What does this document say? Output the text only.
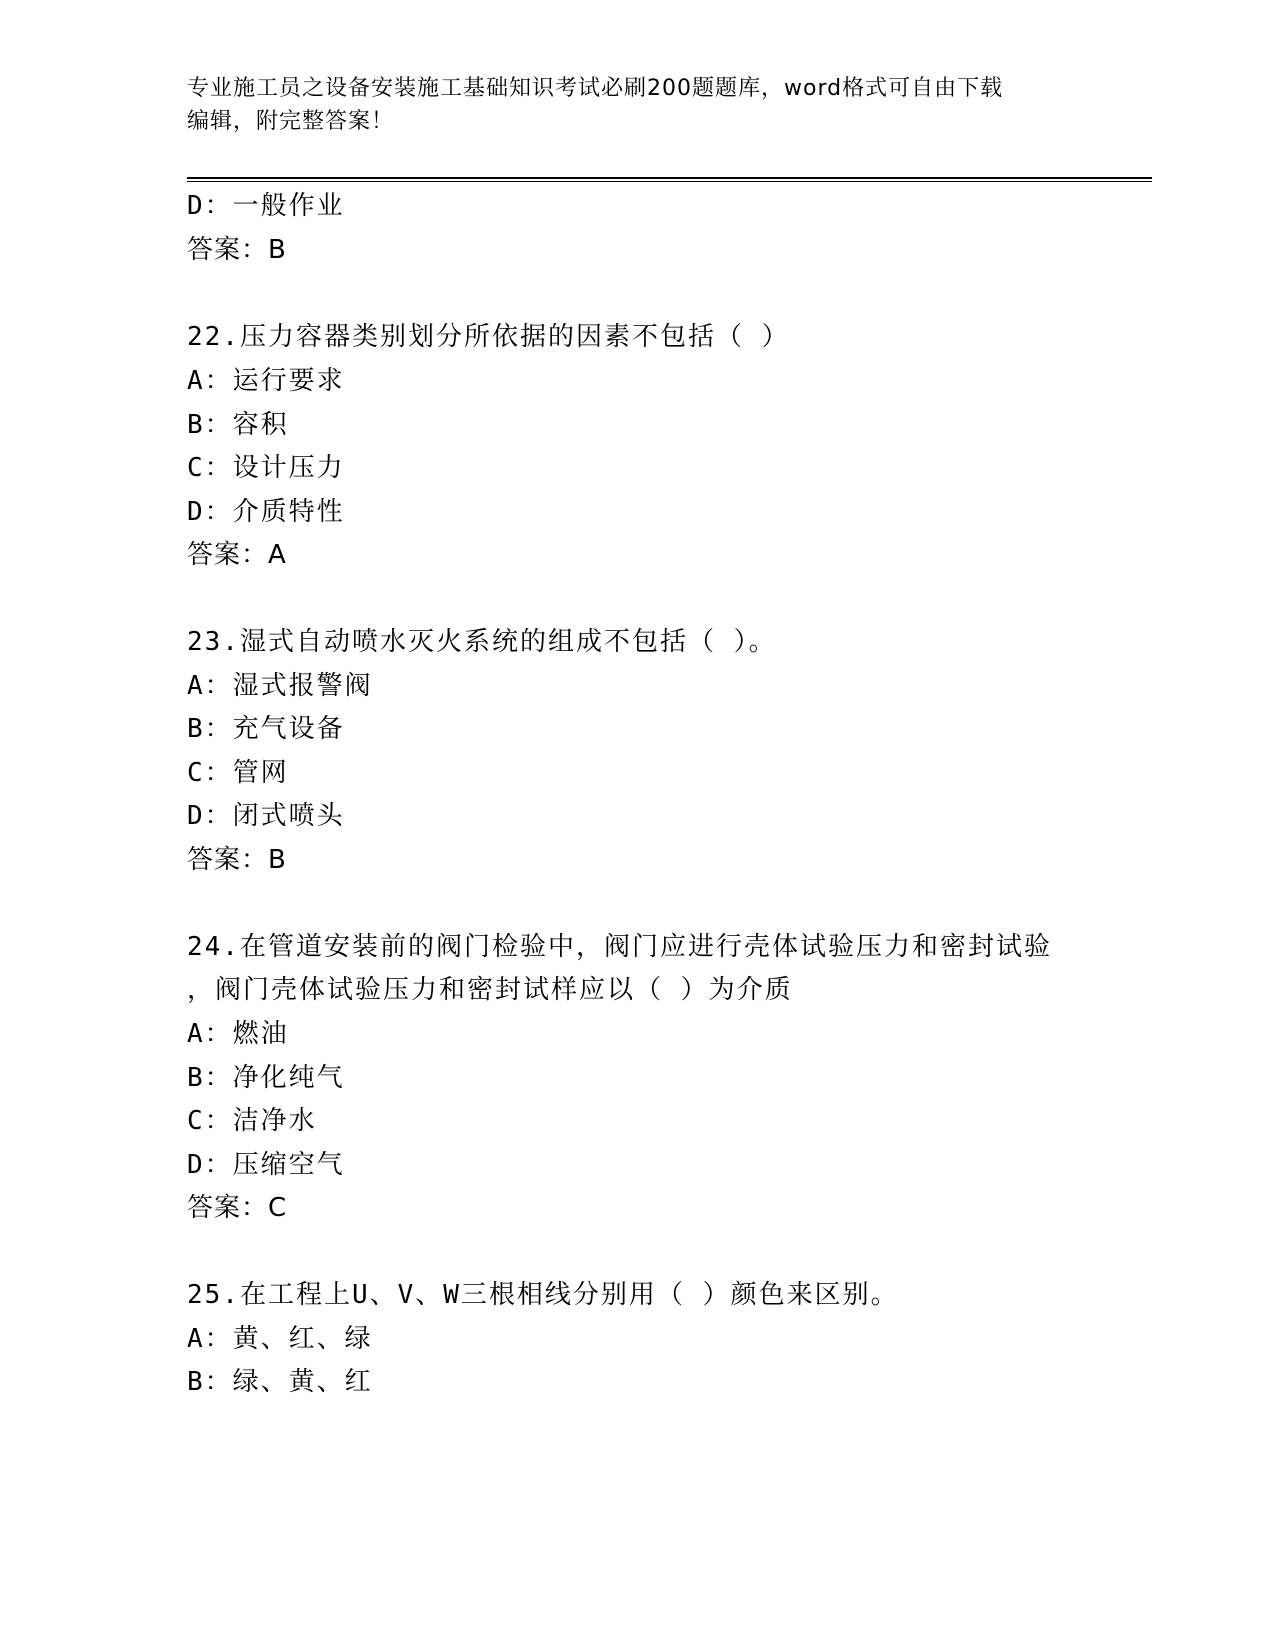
专业施工员之设备安装施工基础知识考试必刷200题题库，word格式可自由下载
编辑，附完整答案！
D：一般作业
答案：B
22.压力容器类别划分所依据的因素不包括（ ）
A：运行要求
B：容积
C：设计压力
D：介质特性
答案：A
23.湿式自动喷水灭火系统的组成不包括（ ）。
A：湿式报警阀
B：充气设备
C：管网
D：闭式喷头
答案：B
24.在管道安装前的阀门检验中，阀门应进行壳体试验压力和密封试验
，阀门壳体试验压力和密封试样应以（ ）为介质
A：燃油
B：净化纯气
C：洁净水
D：压缩空气
答案：C
25.在工程上U、V、W三根相线分别用（ ）颜色来区别。
A：黄、红、绿
B：绿、黄、红
